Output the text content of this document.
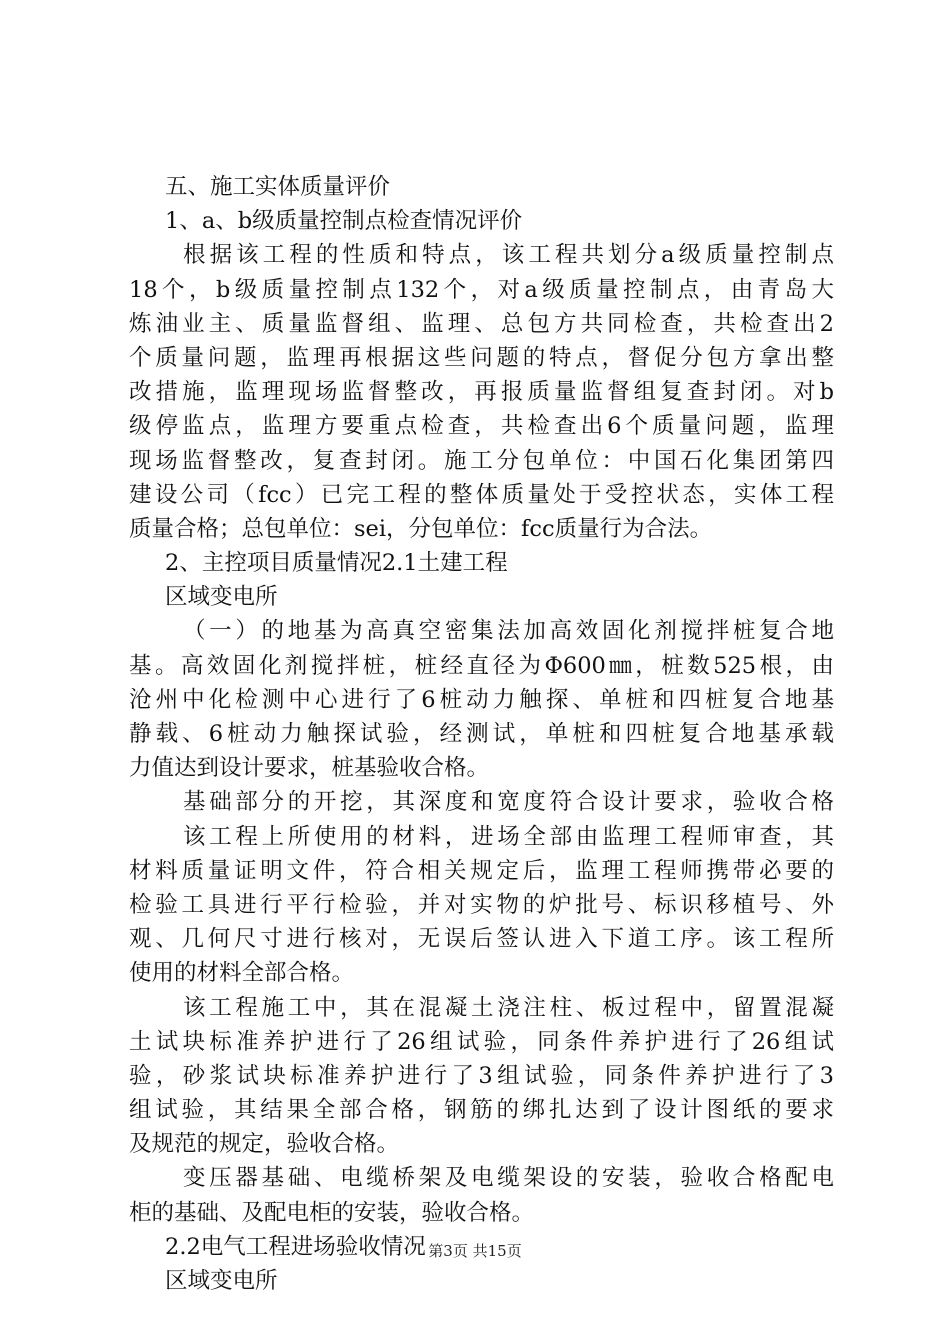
五、施工实体质量评价
1、a、b级质量控制点检查情况评价
根据该工程的性质和特点，该工程共划分a级质量控制点
18个，b级质量控制点132个，对a级质量控制点，由青岛大
炼油业主、质量监督组、监理、总包方共同检查，共检查出2
个质量问题，监理再根据这些问题的特点，督促分包方拿出整
改措施，监理现场监督整改，再报质量监督组复查封闭。对b
级停监点，监理方要重点检查，共检查出6个质量问题，监理
现场监督整改，复查封闭。施工分包单位：中国石化集团第四
建设公司（fcc）已完工程的整体质量处于受控状态，实体工程
质量合格；总包单位：sei，分包单位：fcc质量行为合法。
2、主控项目质量情况2.1土建工程
区域变电所
（一）的地基为高真空密集法加高效固化剂搅拌桩复合地
基。高效固化剂搅拌桩，桩经直径为Φ600㎜，桩数525根，由
沧州中化检测中心进行了6桩动力触探、单桩和四桩复合地基
静载、6桩动力触探试验，经测试，单桩和四桩复合地基承载
力值达到设计要求，桩基验收合格。
基础部分的开挖，其深度和宽度符合设计要求，验收合格
该工程上所使用的材料，进场全部由监理工程师审查，其
材料质量证明文件，符合相关规定后，监理工程师携带必要的
检验工具进行平行检验，并对实物的炉批号、标识移植号、外
观、几何尺寸进行核对，无误后签认进入下道工序。该工程所
使用的材料全部合格。
该工程施工中，其在混凝土浇注柱、板过程中，留置混凝
土试块标准养护进行了26组试验，同条件养护进行了26组试
验，砂浆试块标准养护进行了3组试验，同条件养护进行了3
组试验，其结果全部合格，钢筋的绑扎达到了设计图纸的要求
及规范的规定，验收合格。
变压器基础、电缆桥架及电缆架设的安装，验收合格配电
柜的基础、及配电柜的安装，验收合格。
2.2电气工程进场验收情况
区域变电所
第3页 共15页
